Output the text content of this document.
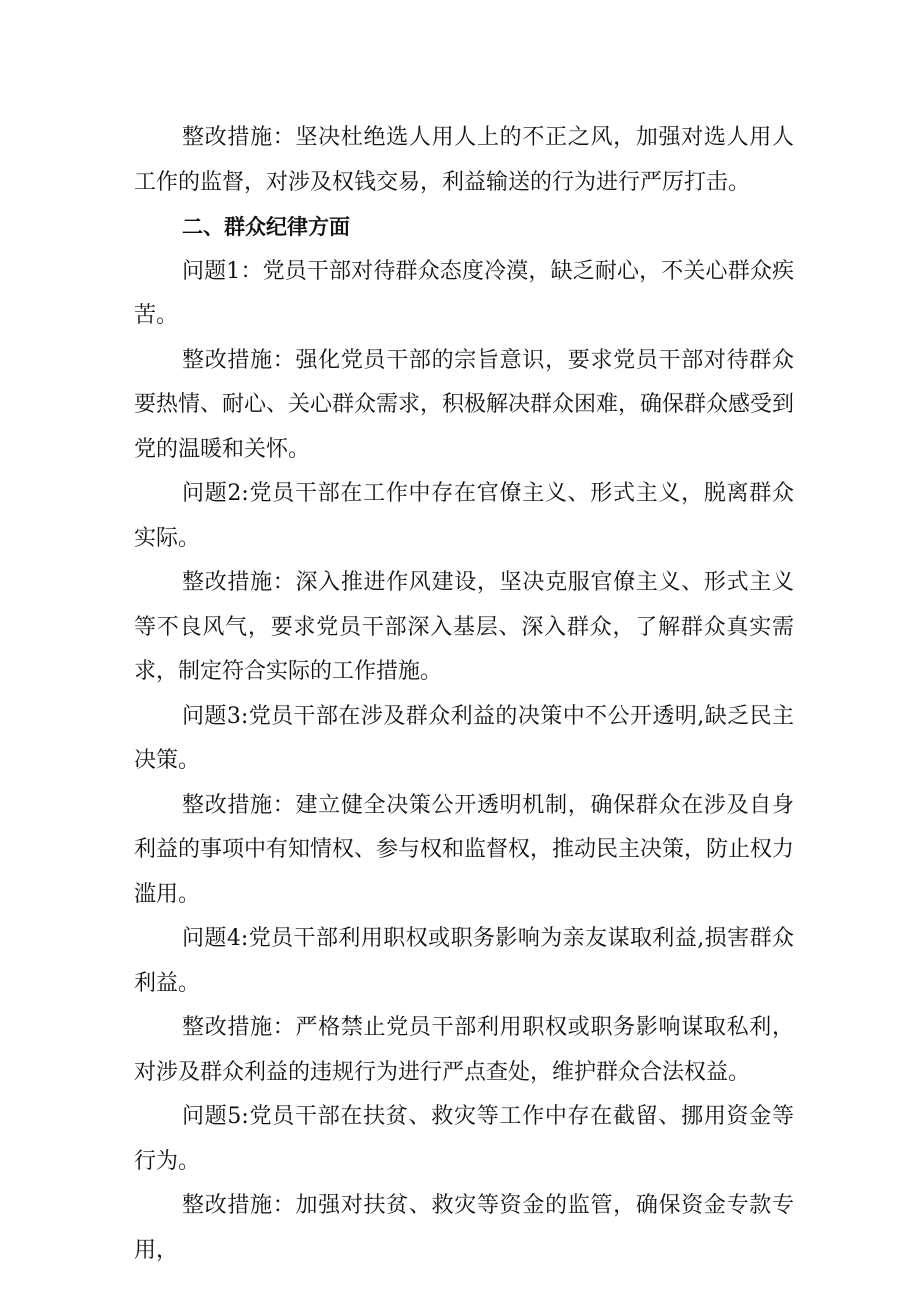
整改措施：坚决杜绝选人用人上的不正之风，加强对选人用人工作的监督，对涉及权钱交易，利益输送的行为进行严厉打击。

二、群众纪律方面

问题1：党员干部对待群众态度冷漠，缺乏耐心，不关心群众疾苦。

整改措施：强化党员干部的宗旨意识，要求党员干部对待群众要热情、耐心、关心群众需求，积极解决群众困难，确保群众感受到党的温暖和关怀。

问题2:党员干部在工作中存在官僚主义、形式主义，脱离群众实际。

整改措施：深入推进作风建设，坚决克服官僚主义、形式主义等不良风气，要求党员干部深入基层、深入群众，了解群众真实需求，制定符合实际的工作措施。

问题3:党员干部在涉及群众利益的决策中不公开透明,缺乏民主决策。

整改措施：建立健全决策公开透明机制，确保群众在涉及自身利益的事项中有知情权、参与权和监督权，推动民主决策，防止权力滥用。

问题4:党员干部利用职权或职务影响为亲友谋取利益,损害群众利益。

整改措施：严格禁止党员干部利用职权或职务影响谋取私利，对涉及群众利益的违规行为进行严点查处，维护群众合法权益。

问题5:党员干部在扶贫、救灾等工作中存在截留、挪用资金等行为。

整改措施：加强对扶贫、救灾等资金的监管，确保资金专款专用，
